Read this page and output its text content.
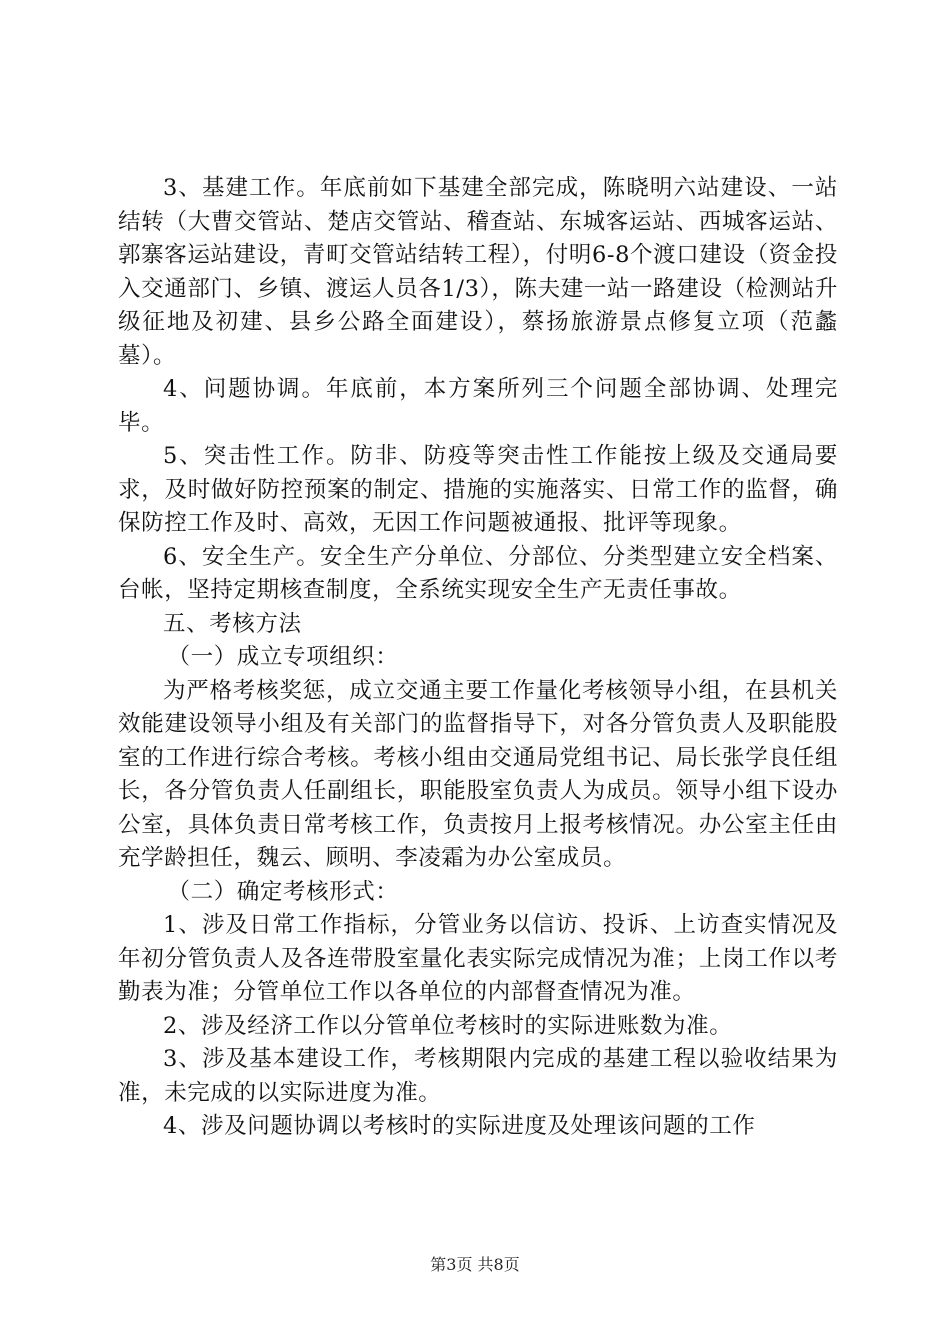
3、基建工作。年底前如下基建全部完成，陈晓明六站建设、一站结转（大曹交管站、楚店交管站、稽查站、东城客运站、西城客运站、郭寨客运站建设，青町交管站结转工程），付明6-8个渡口建设（资金投入交通部门、乡镇、渡运人员各1/3），陈夫建一站一路建设（检测站升级征地及初建、县乡公路全面建设），蔡扬旅游景点修复立项（范蠡墓）。

4、问题协调。年底前，本方案所列三个问题全部协调、处理完毕。

5、突击性工作。防非、防疫等突击性工作能按上级及交通局要求，及时做好防控预案的制定、措施的实施落实、日常工作的监督，确保防控工作及时、高效，无因工作问题被通报、批评等现象。

6、安全生产。安全生产分单位、分部位、分类型建立安全档案、台帐，坚持定期核查制度，全系统实现安全生产无责任事故。

五、考核方法

（一）成立专项组织：

为严格考核奖惩，成立交通主要工作量化考核领导小组，在县机关效能建设领导小组及有关部门的监督指导下，对各分管负责人及职能股室的工作进行综合考核。考核小组由交通局党组书记、局长张学良任组长，各分管负责人任副组长，职能股室负责人为成员。领导小组下设办公室，具体负责日常考核工作，负责按月上报考核情况。办公室主任由充学龄担任，魏云、顾明、李凌霜为办公室成员。

（二）确定考核形式：

1、涉及日常工作指标，分管业务以信访、投诉、上访查实情况及年初分管负责人及各连带股室量化表实际完成情况为准；上岗工作以考勤表为准；分管单位工作以各单位的内部督查情况为准。

2、涉及经济工作以分管单位考核时的实际进账数为准。

3、涉及基本建设工作，考核期限内完成的基建工程以验收结果为准，未完成的以实际进度为准。

4、涉及问题协调以考核时的实际进度及处理该问题的工作

第3页 共8页
